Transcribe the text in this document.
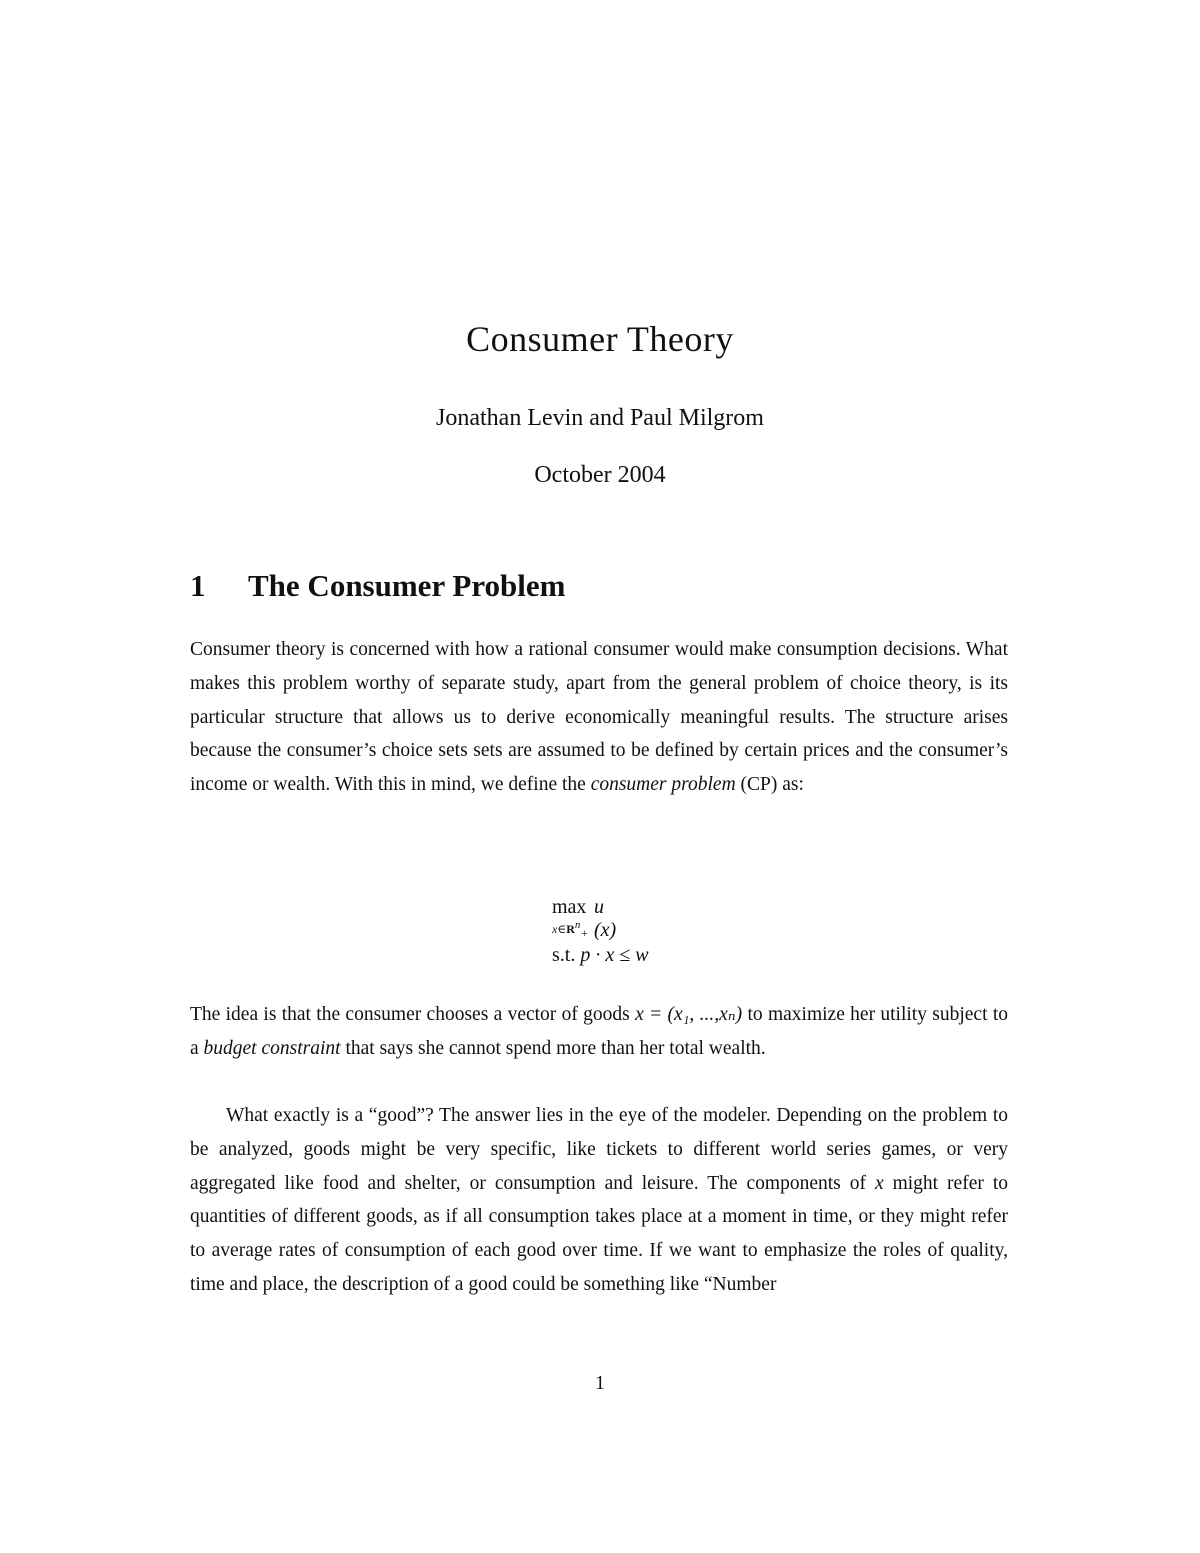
Consumer Theory
Jonathan Levin and Paul Milgrom
October 2004
1 The Consumer Problem

Consumer theory is concerned with how a rational consumer would make consumption decisions. What makes this problem worthy of separate study, apart from the general problem of choice theory, is its particular structure that allows us to derive economically meaningful results. The structure arises because the consumer’s choice sets sets are assumed to be defined by certain prices and the consumer’s income or wealth. With this in mind, we define the consumer problem (CP) as:

max
$x\in R^n_+$
u (x)
s.t. p · x ≤ w

The idea is that the consumer chooses a vector of goods x = (x₁, ...,xₙ) to maximize her utility subject to a budget constraint that says she cannot spend more than her total wealth.

What exactly is a “good”? The answer lies in the eye of the modeler. Depending on the problem to be analyzed, goods might be very specific, like tickets to different world series games, or very aggregated like food and shelter, or consumption and leisure. The components of x might refer to quantities of different goods, as if all consumption takes place at a moment in time, or they might refer to average rates of consumption of each good over time. If we want to emphasize the roles of quality, time and place, the description of a good could be something like “Number

1
